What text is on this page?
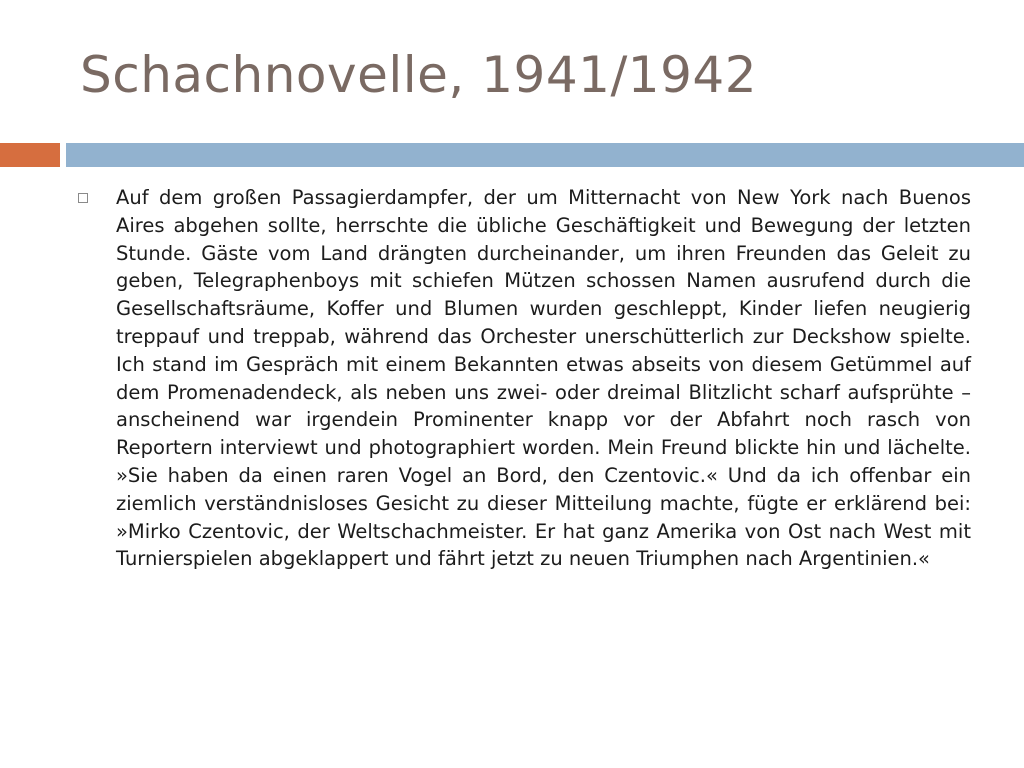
Schachnovelle, 1941/1942

Auf dem großen Passagierdampfer, der um Mitternacht von New York nach Buenos Aires abgehen sollte, herrschte die übliche Geschäftigkeit und Bewegung der letzten Stunde. Gäste vom Land drängten durcheinander, um ihren Freunden das Geleit zu geben, Telegraphenboys mit schiefen Mützen schossen Namen ausrufend durch die Gesellschaftsräume, Koffer und Blumen wurden geschleppt, Kinder liefen neugierig treppauf und treppab, während das Orchester unerschütterlich zur Deckshow spielte. Ich stand im Gespräch mit einem Bekannten etwas abseits von diesem Getümmel auf dem Promenadendeck, als neben uns zwei- oder dreimal Blitzlicht scharf aufsprühte – anscheinend war irgendein Prominenter knapp vor der Abfahrt noch rasch von Reportern interviewt und photographiert worden. Mein Freund blickte hin und lächelte. »Sie haben da einen raren Vogel an Bord, den Czentovic.« Und da ich offenbar ein ziemlich verständnisloses Gesicht zu dieser Mitteilung machte, fügte er erklärend bei: »Mirko Czentovic, der Weltschachmeister. Er hat ganz Amerika von Ost nach West mit Turnierspielen abgeklappert und fährt jetzt zu neuen Triumphen nach Argentinien.«
